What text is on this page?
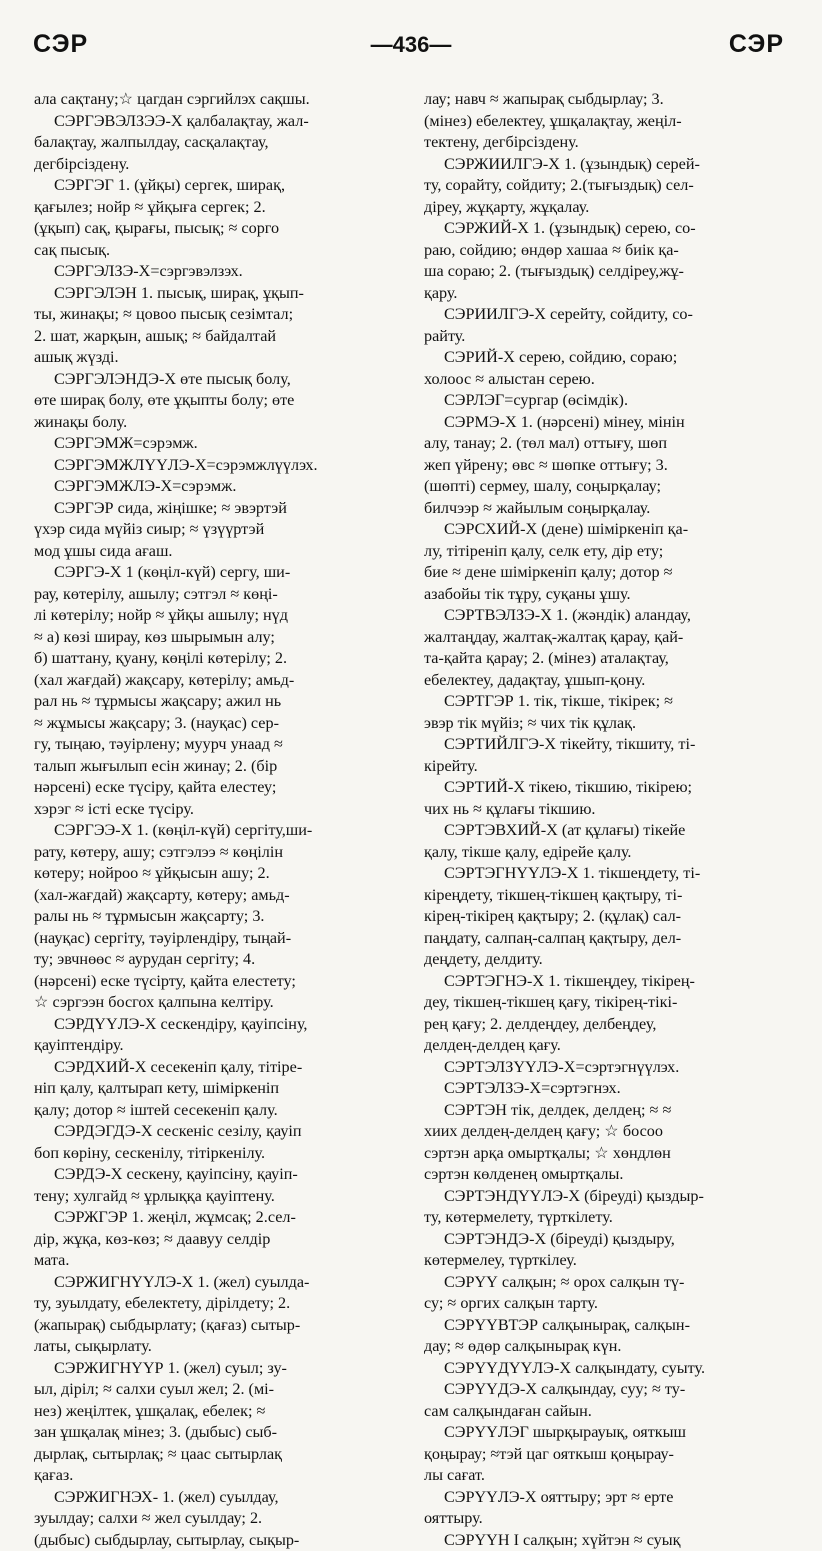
СЭР	—436—	СЭР
ала сақтану;☆ цагдан сэргийлэх сақшы.
СЭРГЭВЭЛЗЭЭ-Х қалбалақтау, жал-
балақтау, жалпылдау, сасқалақтау,
дегбірсіздену.
СЭРГЭГ 1. (ұйқы) сергек, ширақ,
қағылез; нойр ≈ ұйқыға сергек; 2.
(ұқып) сақ, қырағы, пысық; ≈ сорго
сақ пысық.
СЭРГЭЛЗЭ-Х=сэргэвэлзэх.
СЭРГЭЛЭН 1. пысық, ширақ, ұқып-
ты, жинақы; ≈ цовоо пысық сезімтал;
2. шат, жарқын, ашық; ≈ байдалтай
ашық жүзді.
СЭРГЭЛЭНДЭ-Х өте пысық болу,
өте ширақ болу, өте ұқыпты болу; өте
жинақы болу.
СЭРГЭМЖ=сэрэмж.
СЭРГЭМЖЛҮҮЛЭ-Х=сэрэмжлүүлэх.
СЭРГЭМЖЛЭ-Х=сэрэмж.
СЭРГЭР сида, жіңішке; ≈ эвэртэй
үхэр сида мүйіз сиыр; ≈ үзүүртэй
мод ұшы сида ағаш.
СЭРГЭ-Х 1 (көңіл-күй) сергу, ши-
рау, көтерілу, ашылу; сэтгэл ≈ көңі-
лі көтерілу; нойр ≈ ұйқы ашылу; нүд
≈ а) көзі ширау, көз шырымын алу;
б) шаттану, қуану, көңілі көтерілу; 2.
(хал жағдай) жақсару, көтерілу; амьд-
рал нь ≈ тұрмысы жақсару; ажил нь
≈ жұмысы жақсару; 3. (науқас) сер-
гу, тыңаю, тәуірлену; муурч унаад ≈
талып жығылып есін жинау; 2. (бір
нәрсені) еске түсіру, қайта елестеу;
хэрэг ≈ істі еске түсіру.
СЭРГЭЭ-Х 1. (көңіл-күй) сергіту,ши-
рату, көтеру, ашу; сэтгэлээ ≈ көңілін
көтеру; нойроо ≈ ұйқысын ашу; 2.
(хал-жағдай) жақсарту, көтеру; амьд-
ралы нь ≈ тұрмысын жақсарту; 3.
(науқас) сергіту, тәуірлендіру, тыңай-
ту; эвчнөөс ≈ аурудан сергіту; 4.
(нәрсені) еске түсірту, қайта елестету;
☆ сэргээн босгох қалпына келтіру.
СЭРДҮҮЛЭ-Х сескендіру, қауіпсіну,
қауіптендіру.
СЭРДХИЙ-Х сесекеніп қалу, тітіре-
ніп қалу, қалтырап кету, шіміркеніп
қалу; дотор ≈ іштей сесекеніп қалу.
СЭРДЭГДЭ-Х сескеніс сезілу, қауіп
боп көріну, сескенілу, тітіркенілу.
СЭРДЭ-Х сескену, қауіпсіну, қауіп-
тену; хулгайд ≈ ұрлыққа қауіптену.
СЭРЖГЭР 1. жеңіл, жұмсақ; 2.сел-
дір, жұқа, көз-көз; ≈ даавуу селдір
мата.
СЭРЖИГНҮҮЛЭ-Х 1. (жел) суылда-
ту, зуылдату, ебелектету, дірілдету; 2.
(жапырақ) сыбдырлату; (қағаз) сытыр-
латы, сықырлату.
СЭРЖИГНҮҮР 1. (жел) суыл; зу-
ыл, діріл; ≈ салхи суыл жел; 2. (мі-
нез) жеңілтек, ұшқалақ, ебелек; ≈
зан ұшқалақ мінез; 3. (дыбыс) сыб-
дырлақ, сытырлақ; ≈ цаас сытырлақ
қағаз.
СЭРЖИГНЭХ- 1. (жел) суылдау,
зуылдау; салхи ≈ жел суылдау; 2.
(дыбыс) сыбдырлау, сытырлау, сықыр-
лау; навч ≈ жапырақ сыбдырлау; 3.
(мінез) ебелектеу, ұшқалақтау, жеңіл-
тектену, дегбірсіздену.
СЭРЖИИЛГЭ-Х 1. (ұзындық) серей-
ту, сорайту, сойдиту; 2.(тығыздық) сел-
діреу, жұқарту, жұқалау.
СЭРЖИЙ-Х 1. (ұзындық) серею, со-
раю, сойдию; өндөр хашаа ≈ биік қа-
ша сораю; 2. (тығыздық) селдіреу,жұ-
қару.
СЭРИИЛГЭ-Х серейту, сойдиту, со-
райту.
СЭРИЙ-Х серею, сойдию, сораю;
холоос ≈ алыстан серею.
СЭРЛЭГ=сургар (өсімдік).
СЭРМЭ-Х 1. (нәрсені) мінеу, мінін
алу, танау; 2. (төл мал) оттығу, шөп
жеп үйрену; өвс ≈ шөпке оттығу; 3.
(шөпті) сермеу, шалу, соңырқалау;
билчээр ≈ жайылым соңырқалау.
СЭРСХИЙ-Х (дене) шіміркеніп қа-
лу, тітіреніп қалу, селк ету, дір ету;
бие ≈ дене шіміркеніп қалу; дотор ≈
азабойы тік тұру, суқаны ұшу.
СЭРТВЭЛЗЭ-Х 1. (жәндік) аландау,
жалтаңдау, жалтақ-жалтақ қарау, қай-
та-қайта қарау; 2. (мінез) аталақтау,
ебелектеу, дадақтау, ұшып-қону.
СЭРТГЭР 1. тік, тікше, тікірек; ≈
эвэр тік мүйіз; ≈ чих тік құлақ.
СЭРТИЙЛГЭ-Х тікейту, тікшиту, ті-
кірейту.
СЭРТИЙ-Х тікею, тікшию, тікірею;
чих нь ≈ құлағы тікшию.
СЭРТЭВХИЙ-Х (ат құлағы) тікейе
қалу, тікше қалу, едірейе қалу.
СЭРТЭГНҮҮЛЭ-Х 1. тікшеңдету, ті-
кіреңдету, тікшең-тікшең қақтыру, ті-
кірең-тікірең қақтыру; 2. (құлақ) сал-
паңдату, салпаң-салпаң қақтыру, дел-
деңдету, делдиту.
СЭРТЭГНЭ-Х 1. тікшеңдеу, тікірең-
деу, тікшең-тікшең қағу, тікірең-тікі-
рең қағу; 2. делдеңдеу, делбеңдеу,
делдең-делдең қағу.
СЭРТЭЛЗҮҮЛЭ-Х=сэртэгнүүлэх.
СЭРТЭЛЗЭ-Х=сэртэгнэх.
СЭРТЭН тік, делдек, делдең; ≈ ≈
хиих делдең-делдең қағу; ☆ босоо
сэртэн арқа омыртқалы; ☆ хөндлөн
сэртэн көлденең омыртқалы.
СЭРТЭНДҮҮЛЭ-Х (біреуді) қыздыр-
ту, көтермелету, түрткілету.
СЭРТЭНДЭ-Х (біреуді) қыздыру,
көтермелеу, түрткілеу.
СЭРҮҮ салқын; ≈ орох салқын тү-
су; ≈ оргих салқын тарту.
СЭРҮҮВТЭР салқынырақ, салқын-
дау; ≈ өдөр салқынырақ күн.
СЭРҮҮДҮҮЛЭ-Х салқындату, суыту.
СЭРҮҮДЭ-Х салқындау, суу; ≈ ту-
сам салқындаған сайын.
СЭРҮҮЛЭГ шырқырауық, ояткыш
қоңырау; ≈тэй цаг ояткыш қоңырау-
лы сағат.
СЭРҮҮЛЭ-Х ояттыру; эрт ≈ ерте
ояттыру.
СЭРҮҮН I салқын; хүйтэн ≈ суық
